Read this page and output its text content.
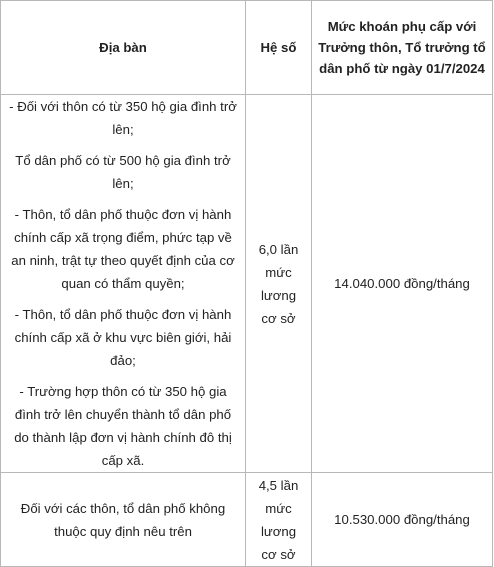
Địa bàn	Hệ số	Mức khoán phụ cấp với Trưởng thôn, Tổ trưởng tổ dân phố từ ngày 01/7/2024

- Đối với thôn có từ 350 hộ gia đình trở lên;

Tổ dân phố có từ 500 hộ gia đình trở lên;

- Thôn, tổ dân phố thuộc đơn vị hành chính cấp xã trọng điểm, phức tạp về an ninh, trật tự theo quyết định của cơ quan có thẩm quyền;

- Thôn, tổ dân phố thuộc đơn vị hành chính cấp xã ở khu vực biên giới, hải đảo;

- Trường hợp thôn có từ 350 hộ gia đình trở lên chuyển thành tổ dân phố do thành lập đơn vị hành chính đô thị cấp xã.	6,0 lần mức lương cơ sở	14.040.000 đồng/tháng

Đối với các thôn, tổ dân phố không thuộc quy định nêu trên	4,5 lần mức lương cơ sở	10.530.000 đồng/tháng
